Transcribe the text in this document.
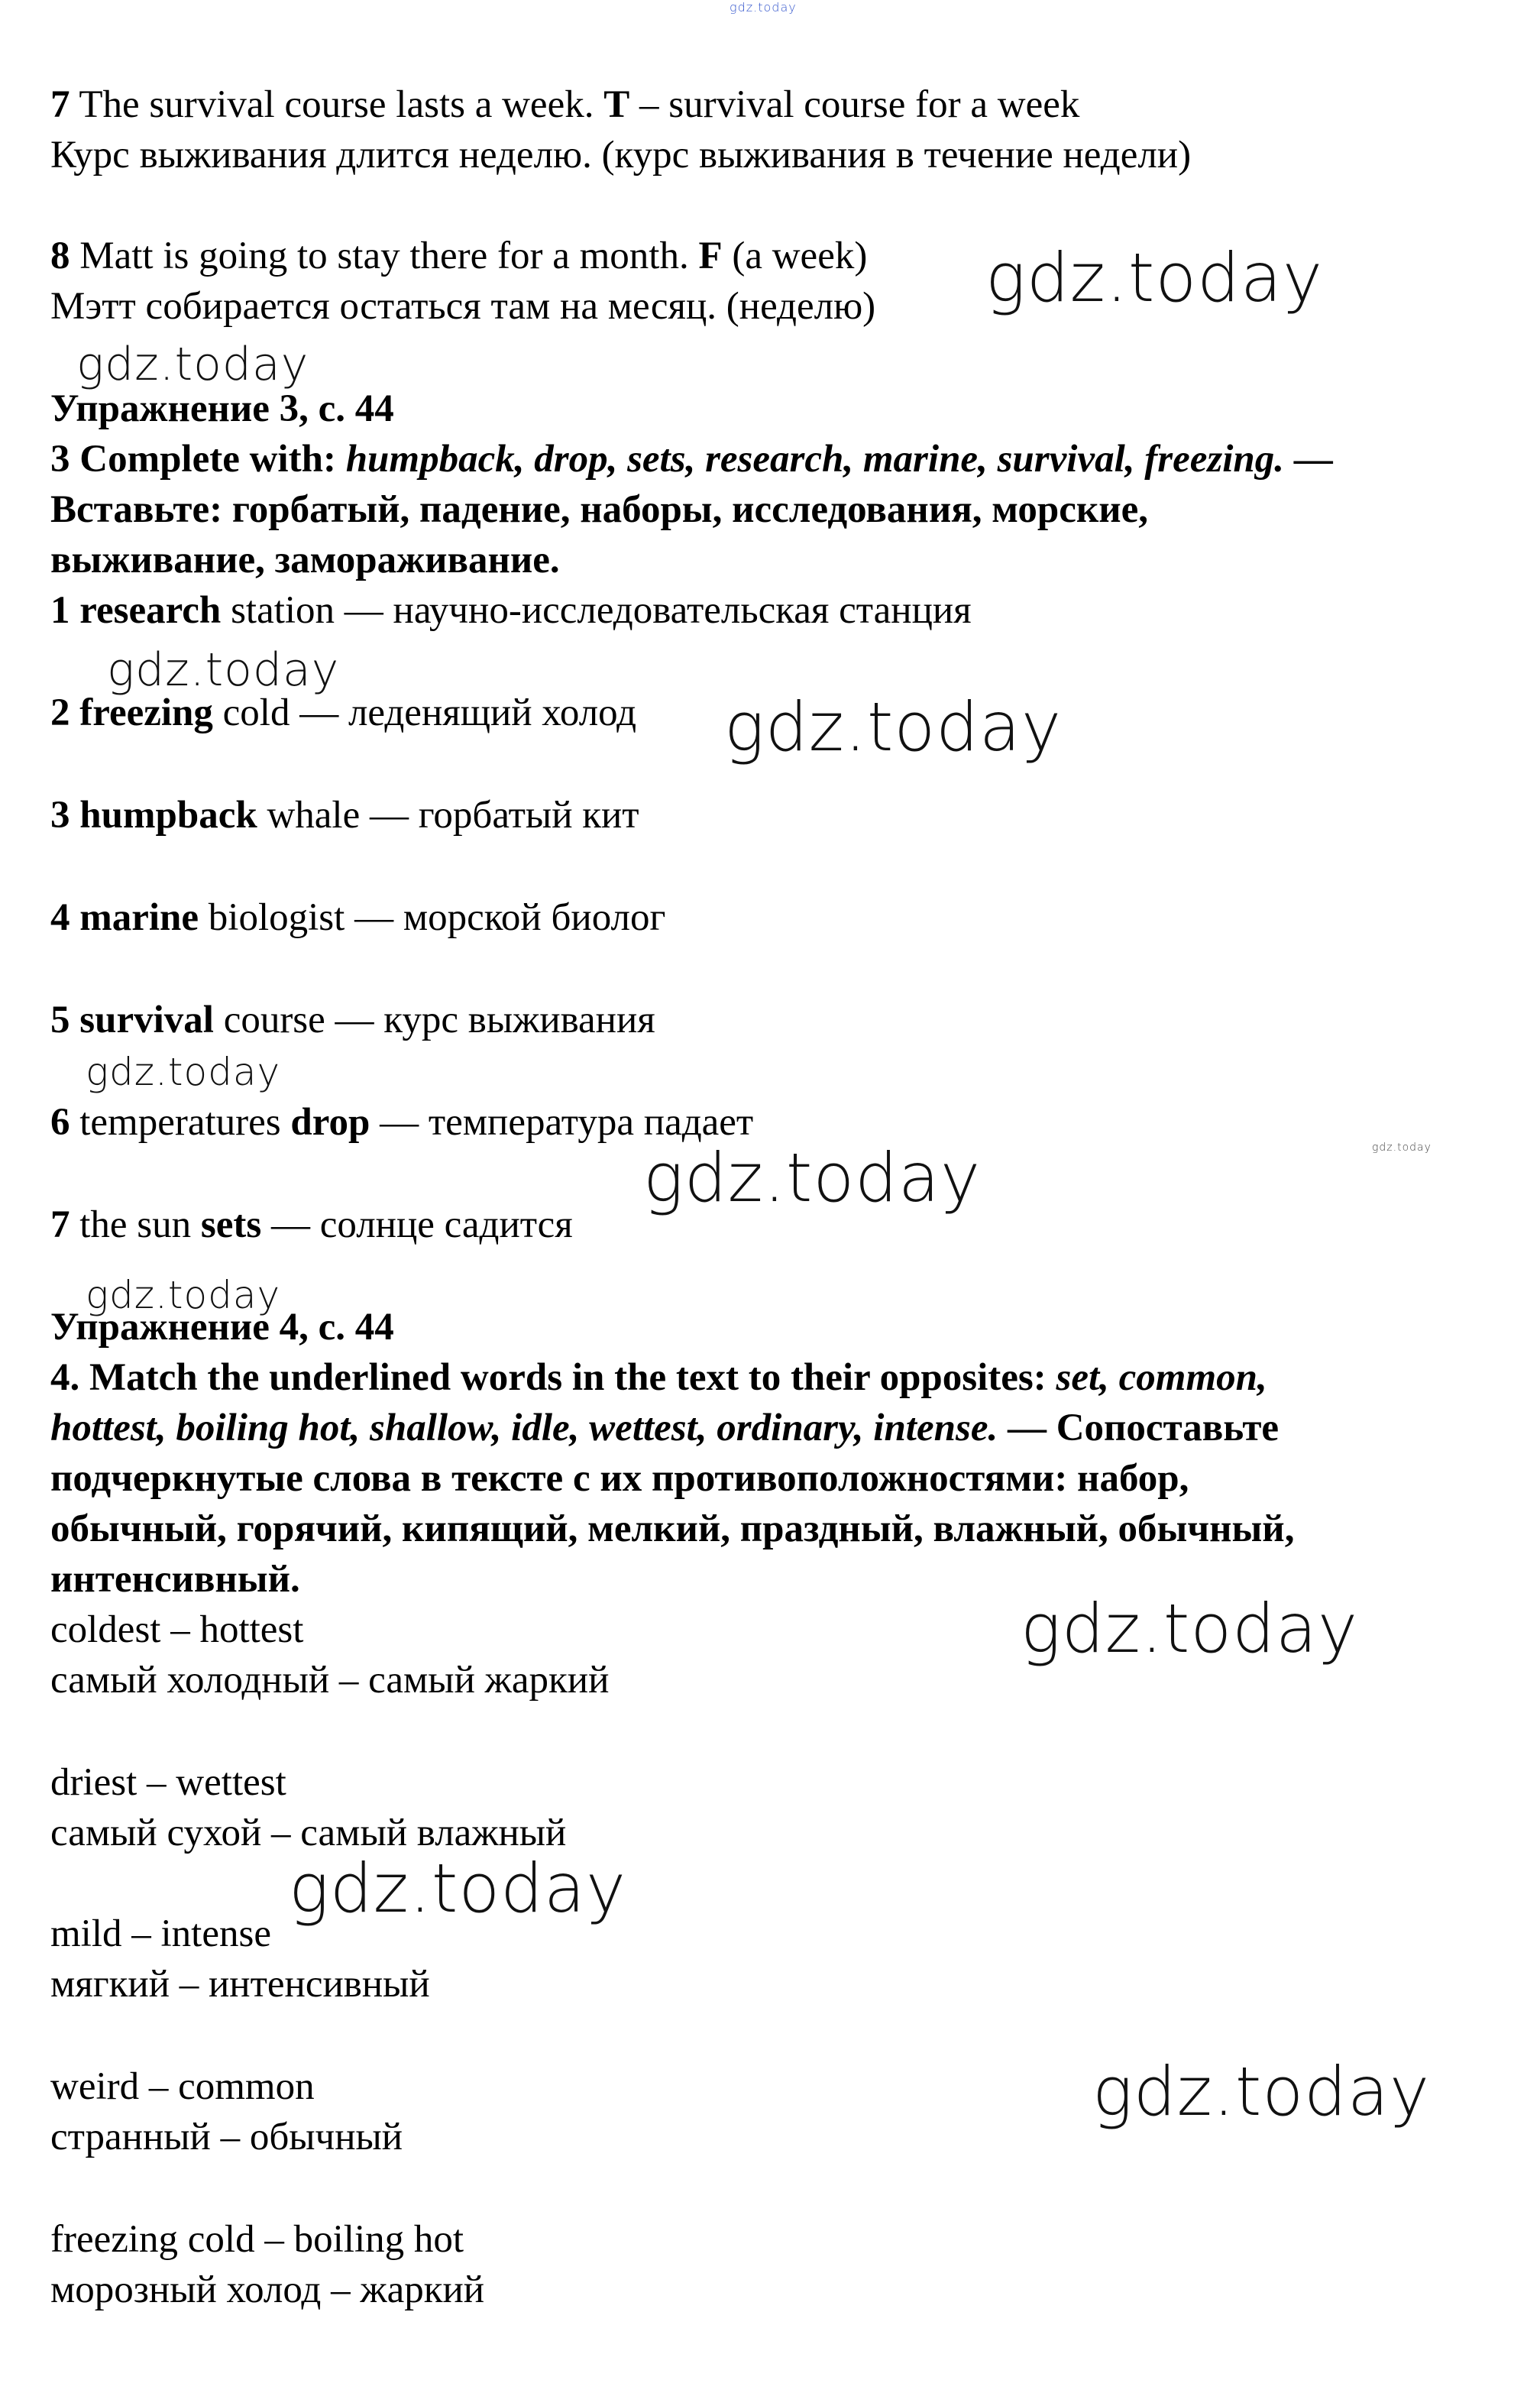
gdz.today
gdz.today
gdz.today
gdz.today
gdz.today
gdz.today
gdz.today
gdz.today
gdz.today
gdz.today
gdz.today
gdz.today
7 The survival course lasts a week. T – survival course for a week
Курс выживания длится неделю. (курс выживания в течение недели)
8 Matt is going to stay there for a month. F (a week)
Мэтт собирается остаться там на месяц. (неделю)
Упражнение 3, с. 44
3 Complete with: humpback, drop, sets, research, marine, survival, freezing. —
Вставьте: горбатый, падение, наборы, исследования, морские,
выживание, замораживание.
1 research station — научно-исследовательская станция
2 freezing cold — леденящий холод
3 humpback whale — горбатый кит
4 marine biologist — морской биолог
5 survival course — курс выживания
6 temperatures drop — температура падает
7 the sun sets — солнце садится
Упражнение 4, с. 44
4. Match the underlined words in the text to their opposites: set, common,
hottest, boiling hot, shallow, idle, wettest, ordinary, intense. — Сопоставьте
подчеркнутые слова в тексте с их противоположностями: набор,
обычный, горячий, кипящий, мелкий, праздный, влажный, обычный,
интенсивный.
coldest – hottest
самый холодный – самый жаркий
driest – wettest
самый сухой – самый влажный
mild – intense
мягкий – интенсивный
weird – common
странный – обычный
freezing cold – boiling hot
морозный холод – жаркий
